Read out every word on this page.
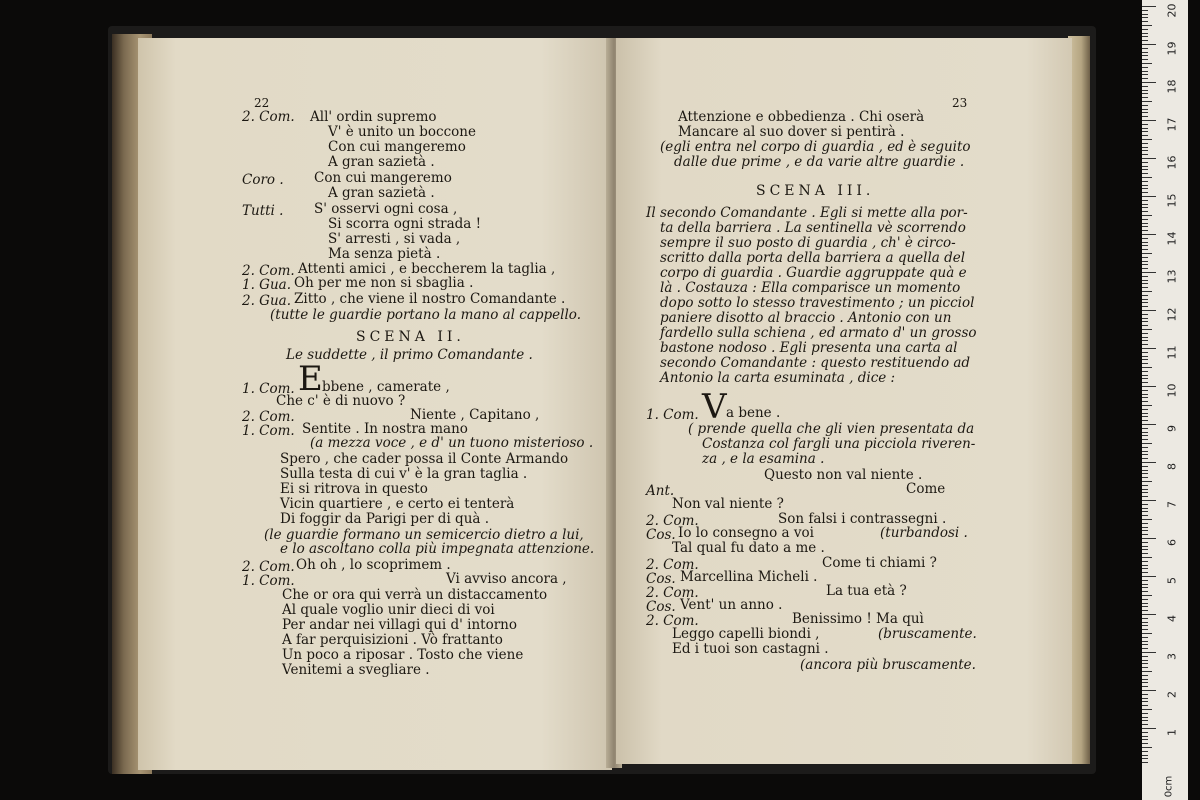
22
2. Com. All' ordin supremo
V' è unito un boccone
Con cui mangeremo
A gran sazietà .
Coro . Con cui mangeremo
A gran sazietà .
Tutti . S' osservi ogni cosa ,
Si scorra ogni strada !
S' arresti , si vada ,
Ma senza pietà .
2. Com. Attenti amici , e beccherem la taglia ,
1. Gua. Oh per me non si sbaglia .
2. Gua. Zitto , che viene il nostro Comandante .
(tutte le guardie portano la mano al cappello.
SCENA II.
Le suddette , il primo Comandante .
1. Com. E bbene , camerate ,
Che c' è di nuovo ?
2. Com.	Niente , Capitano ,
1. Com. Sentite . In nostra mano
(a mezza voce , e d' un tuono misterioso .
Spero , che cader possa il Conte Armando
Sulla testa di cui v' è la gran taglia .
Ei si ritrova in questo
Vicin quartiere , e certo ei tenterà
Di foggir da Parigi per di quà .
(le guardie formano un semicercio dietro a lui,
e lo ascoltano colla più impegnata attenzione.
2. Com. Oh oh , lo scoprimem .
1. Com.	Vi avviso ancora ,
Che or ora qui verrà un distaccamento
Al quale voglio unir dieci di voi
Per andar nei villagi qui d' intorno
A far perquisizioni . Vò frattanto
Un poco a riposar . Tosto che viene
Venitemi a svegliare .
23
Attenzione e obbedienza . Chi oserà
Mancare al suo dover si pentirà .
(egli entra nel corpo di guardia , ed è seguito
dalle due prime , e da varie altre guardie .
SCENA III.
Il secondo Comandante . Egli si mette alla por-
ta della barriera . La sentinella vè scorrendo
sempre il suo posto di guardia , ch' è circo-
scritto dalla porta della barriera a quella del
corpo di guardia . Guardie aggruppate quà e
là . Costauza : Ella comparisce un momento
dopo sotto lo stesso travestimento ; un picciol
paniere disotto al braccio . Antonio con un
fardello sulla schiena , ed armato d' un grosso
bastone nodoso . Egli presenta una carta al
secondo Comandante : questo restituendo ad
Antonio la carta esuminata , dice :
1. Com. V a bene .
( prende quella che gli vien presentata da
Costanza col fargli una picciola riveren-
za , e la esamina .
Questo non val niente .
Ant.	Come
Non val niente ?
2. Com.	Son falsi i contrassegni .
Cos. Io lo consegno a voi	(turbandosi .
Tal qual fu dato a me .
2. Com.	Come ti chiami ?
Cos. Marcellina Micheli .
2. Com.	La tua età ?
Cos. Vent' un anno .
2. Com.	Benissimo ! Ma quì
Leggo capelli biondi ,	(bruscamente.
Ed i tuoi son castagni .
(ancora più bruscamente.
0cm
20
19
18
17
16
15
14
13
12
11
10
9
8
7
6
5
4
3
2
1
